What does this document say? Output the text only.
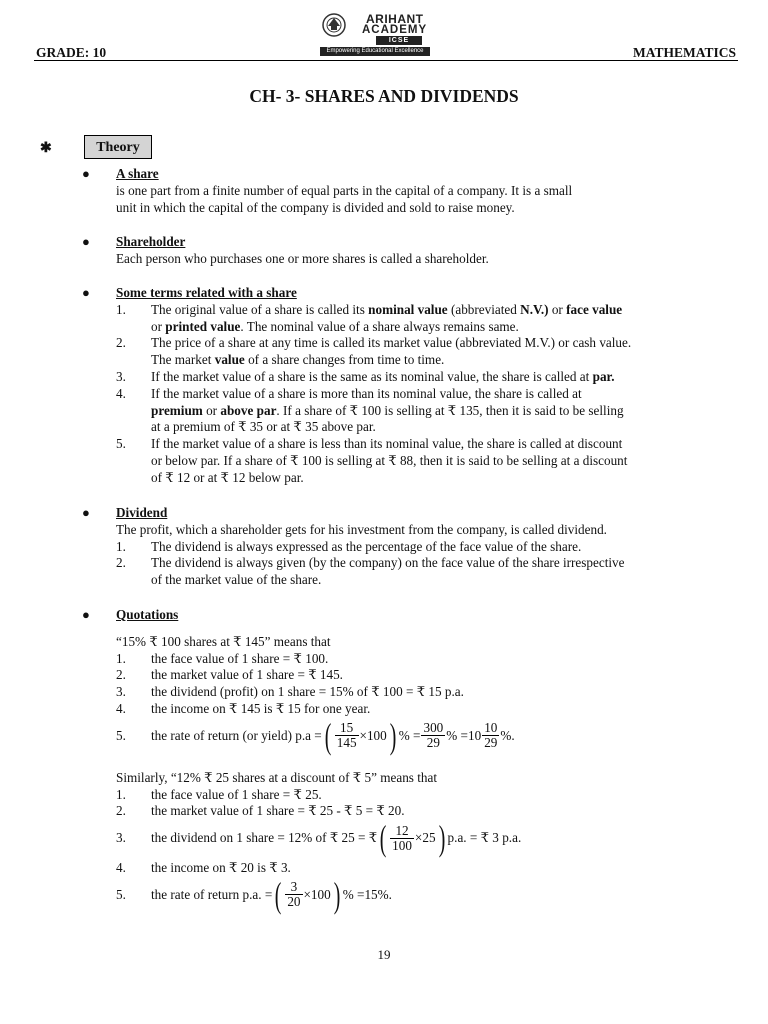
GRADE: 10
ARIHANT
ACADEMY
ICSE
Empowering Educational Excellence	MATHEMATICS
CH- 3- SHARES AND DIVIDENDS
✱	Theory
● A share
is one part from a finite number of equal parts in the capital of a company. It is a small
unit in which the capital of the company is divided and sold to raise money.
● Shareholder
Each person who purchases one or more shares is called a shareholder.
● Some terms related with a share
1. The original value of a share is called its nominal value (abbreviated N.V.) or face value
or printed value. The nominal value of a share always remains same.
2. The price of a share at any time is called its market value (abbreviated M.V.) or cash value.
The market value of a share changes from time to time.
3. If the market value of a share is the same as its nominal value, the share is called at par.
4. If the market value of a share is more than its nominal value, the share is called at
premium or above par. If a share of ₹ 100 is selling at ₹ 135, then it is said to be selling
at a premium of ₹ 35 or at ₹ 35 above par.
5. If the market value of a share is less than its nominal value, the share is called at discount
or below par. If a share of ₹ 100 is selling at ₹ 88, then it is said to be selling at a discount
of ₹ 12 or at ₹ 12 below par.
● Dividend
The profit, which a shareholder gets for his investment from the company, is called dividend.
1. The dividend is always expressed as the percentage of the face value of the share.
2. The dividend is always given (by the company) on the face value of the share irrespective
of the market value of the share.
● Quotations
“15% ₹ 100 shares at ₹ 145” means that
1. the face value of 1 share = ₹ 100.
2. the market value of 1 share = ₹ 145.
3. the dividend (profit) on 1 share = 15% of ₹ 100 = ₹ 15 p.a.
4. the income on ₹ 145 is ₹ 15 for one year.
5. the rate of return (or yield) p.a = ( $\frac{15}{145} \times 100$ ) % = $\frac{300}{29}$ % $=10 \frac{10}{29}$ %.
Similarly, “12% ₹ 25 shares at a discount of ₹ 5” means that
1. the face value of 1 share = ₹ 25.
2. the market value of 1 share = ₹ 25 - ₹ 5 = ₹ 20.
3. the dividend on 1 share = 12% of ₹ 25 = ₹ ( $\frac{12}{100} \times 25$ ) p.a. = ₹ 3 p.a.
4. the income on ₹ 20 is ₹ 3.
5. the rate of return p.a. = ( $\frac{3}{20} \times 100$ ) % =15%.
19
